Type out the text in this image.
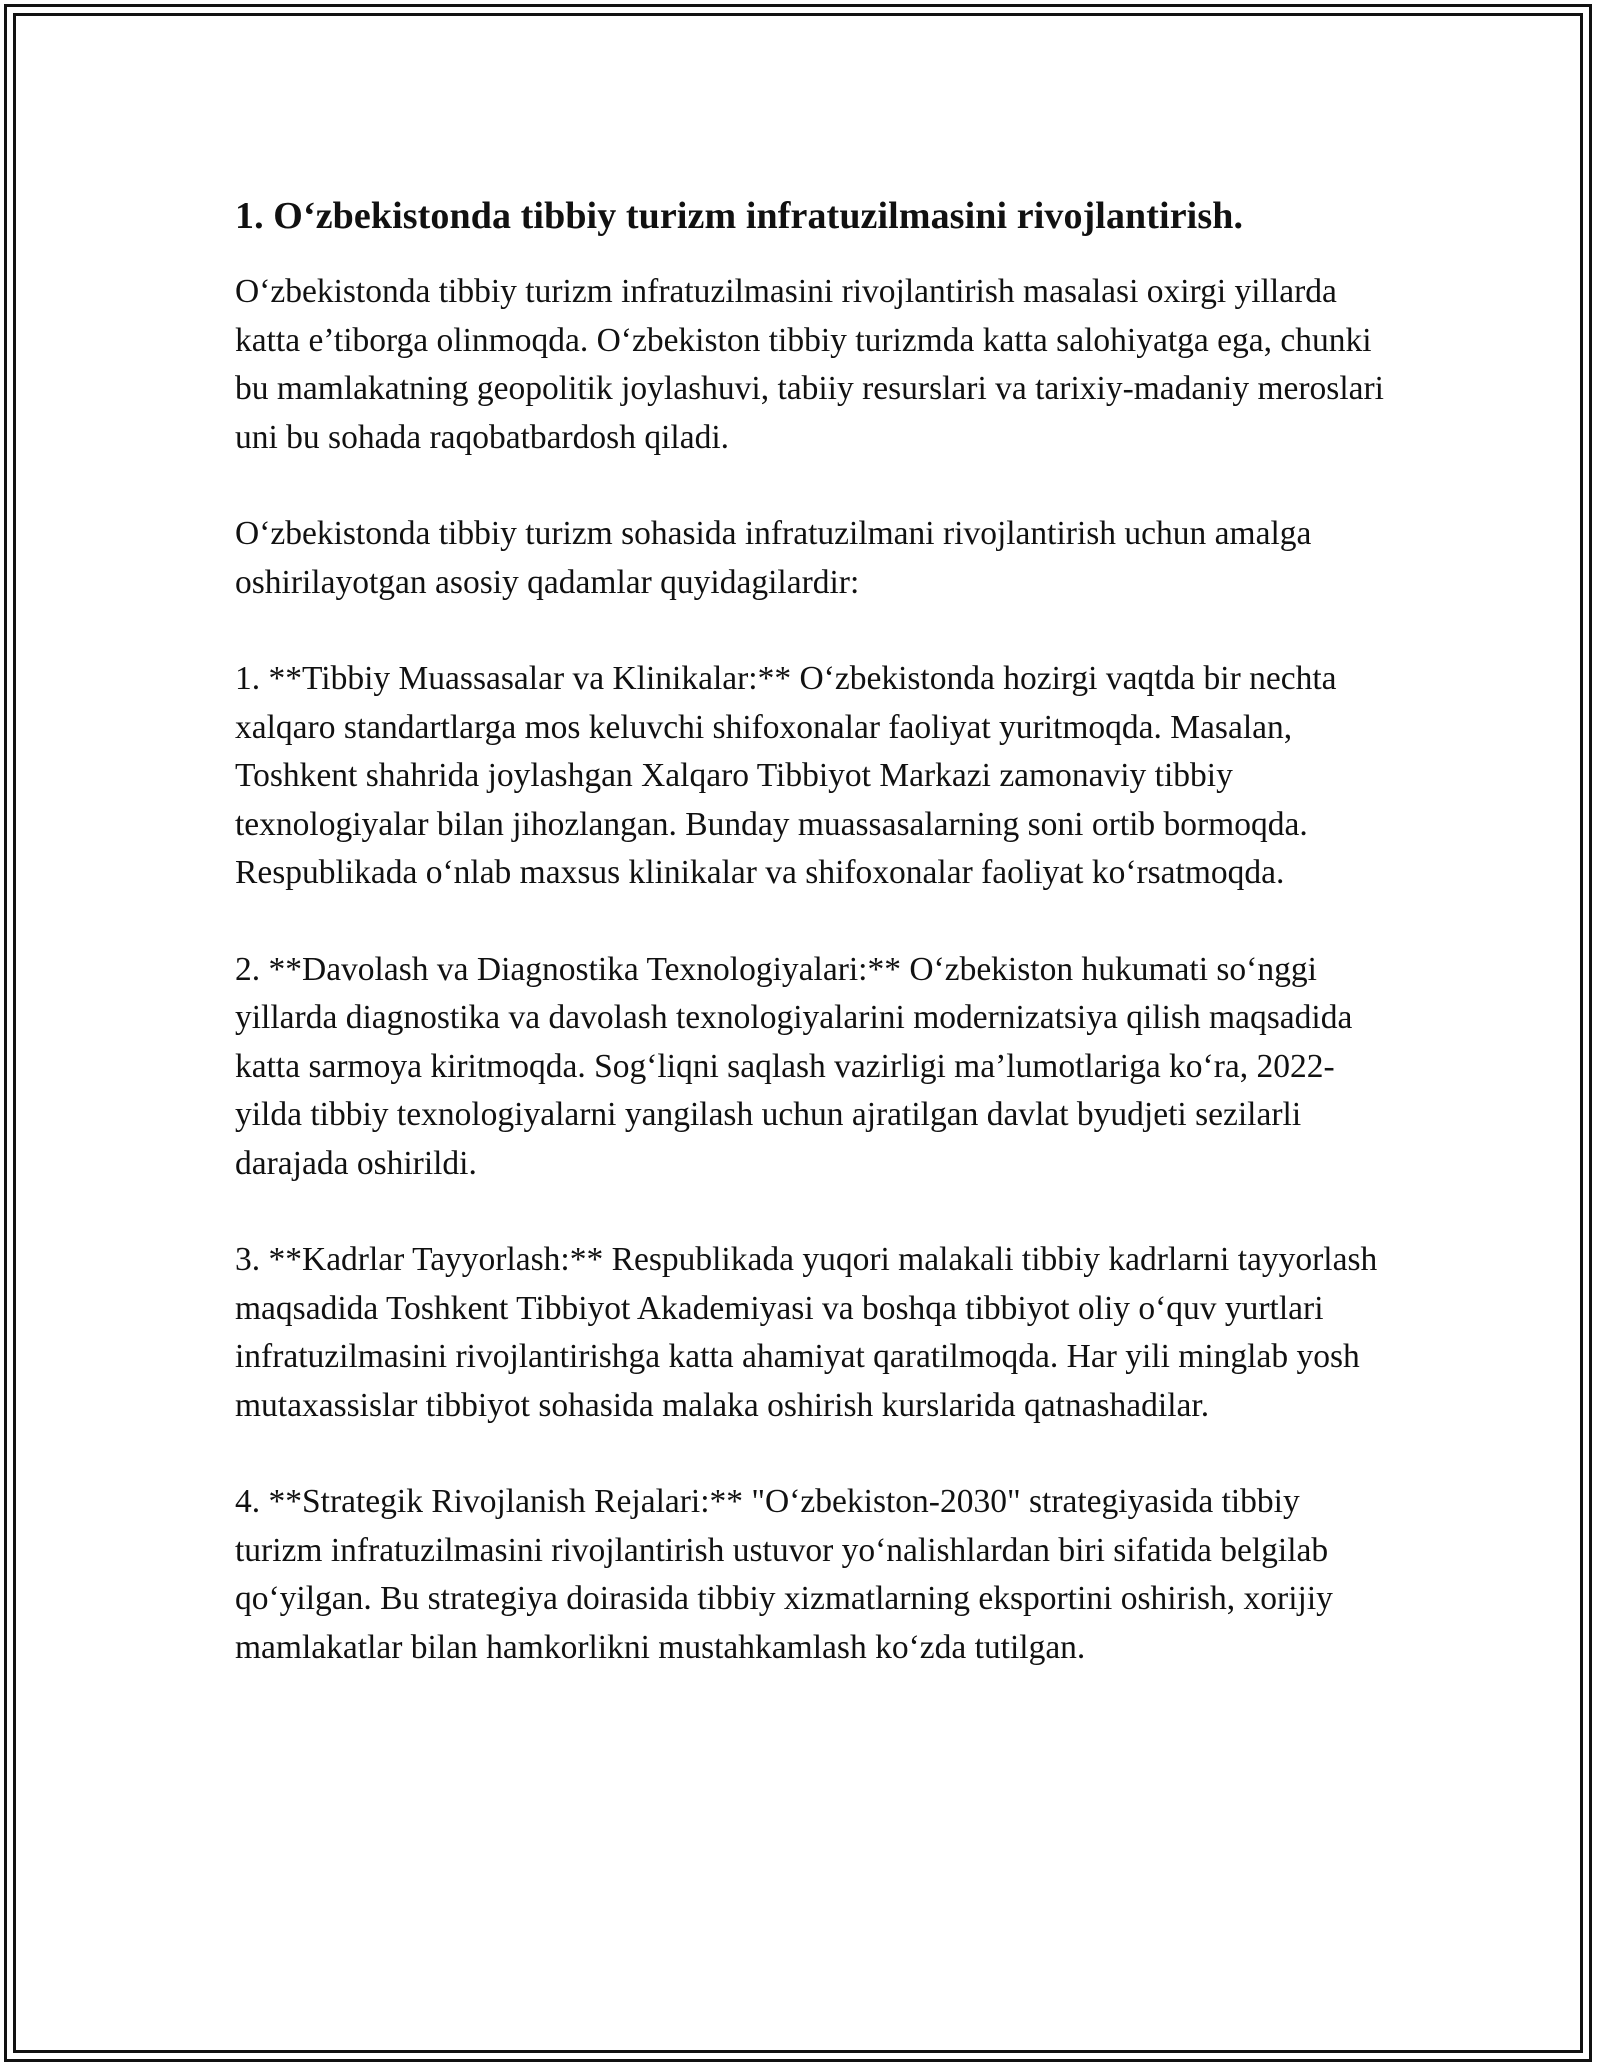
1. O‘zbekistonda tibbiy turizm infratuzilmasini rivojlantirish.

O‘zbekistonda tibbiy turizm infratuzilmasini rivojlantirish masalasi oxirgi yillarda katta e’tiborga olinmoqda. O‘zbekiston tibbiy turizmda katta salohiyatga ega, chunki bu mamlakatning geopolitik joylashuvi, tabiiy resurslari va tarixiy-madaniy meroslari uni bu sohada raqobatbardosh qiladi.

O‘zbekistonda tibbiy turizm sohasida infratuzilmani rivojlantirish uchun amalga oshirilayotgan asosiy qadamlar quyidagilardir:

1. **Tibbiy Muassasalar va Klinikalar:** O‘zbekistonda hozirgi vaqtda bir nechta xalqaro standartlarga mos keluvchi shifoxonalar faoliyat yuritmoqda. Masalan, Toshkent shahrida joylashgan Xalqaro Tibbiyot Markazi zamonaviy tibbiy texnologiyalar bilan jihozlangan. Bunday muassasalarning soni ortib bormoqda. Respublikada o‘nlab maxsus klinikalar va shifoxonalar faoliyat ko‘rsatmoqda.

2. **Davolash va Diagnostika Texnologiyalari:** O‘zbekiston hukumati so‘nggi yillarda diagnostika va davolash texnologiyalarini modernizatsiya qilish maqsadida katta sarmoya kiritmoqda. Sog‘liqni saqlash vazirligi ma’lumotlariga ko‘ra, 2022-yilda tibbiy texnologiyalarni yangilash uchun ajratilgan davlat byudjeti sezilarli darajada oshirildi.

3. **Kadrlar Tayyorlash:** Respublikada yuqori malakali tibbiy kadrlarni tayyorlash maqsadida Toshkent Tibbiyot Akademiyasi va boshqa tibbiyot oliy o‘quv yurtlari infratuzilmasini rivojlantirishga katta ahamiyat qaratilmoqda. Har yili minglab yosh mutaxassislar tibbiyot sohasida malaka oshirish kurslarida qatnashadilar.

4. **Strategik Rivojlanish Rejalari:** "O‘zbekiston-2030" strategiyasida tibbiy turizm infratuzilmasini rivojlantirish ustuvor yo‘nalishlardan biri sifatida belgilab qo‘yilgan. Bu strategiya doirasida tibbiy xizmatlarning eksportini oshirish, xorijiy mamlakatlar bilan hamkorlikni mustahkamlash ko‘zda tutilgan.
